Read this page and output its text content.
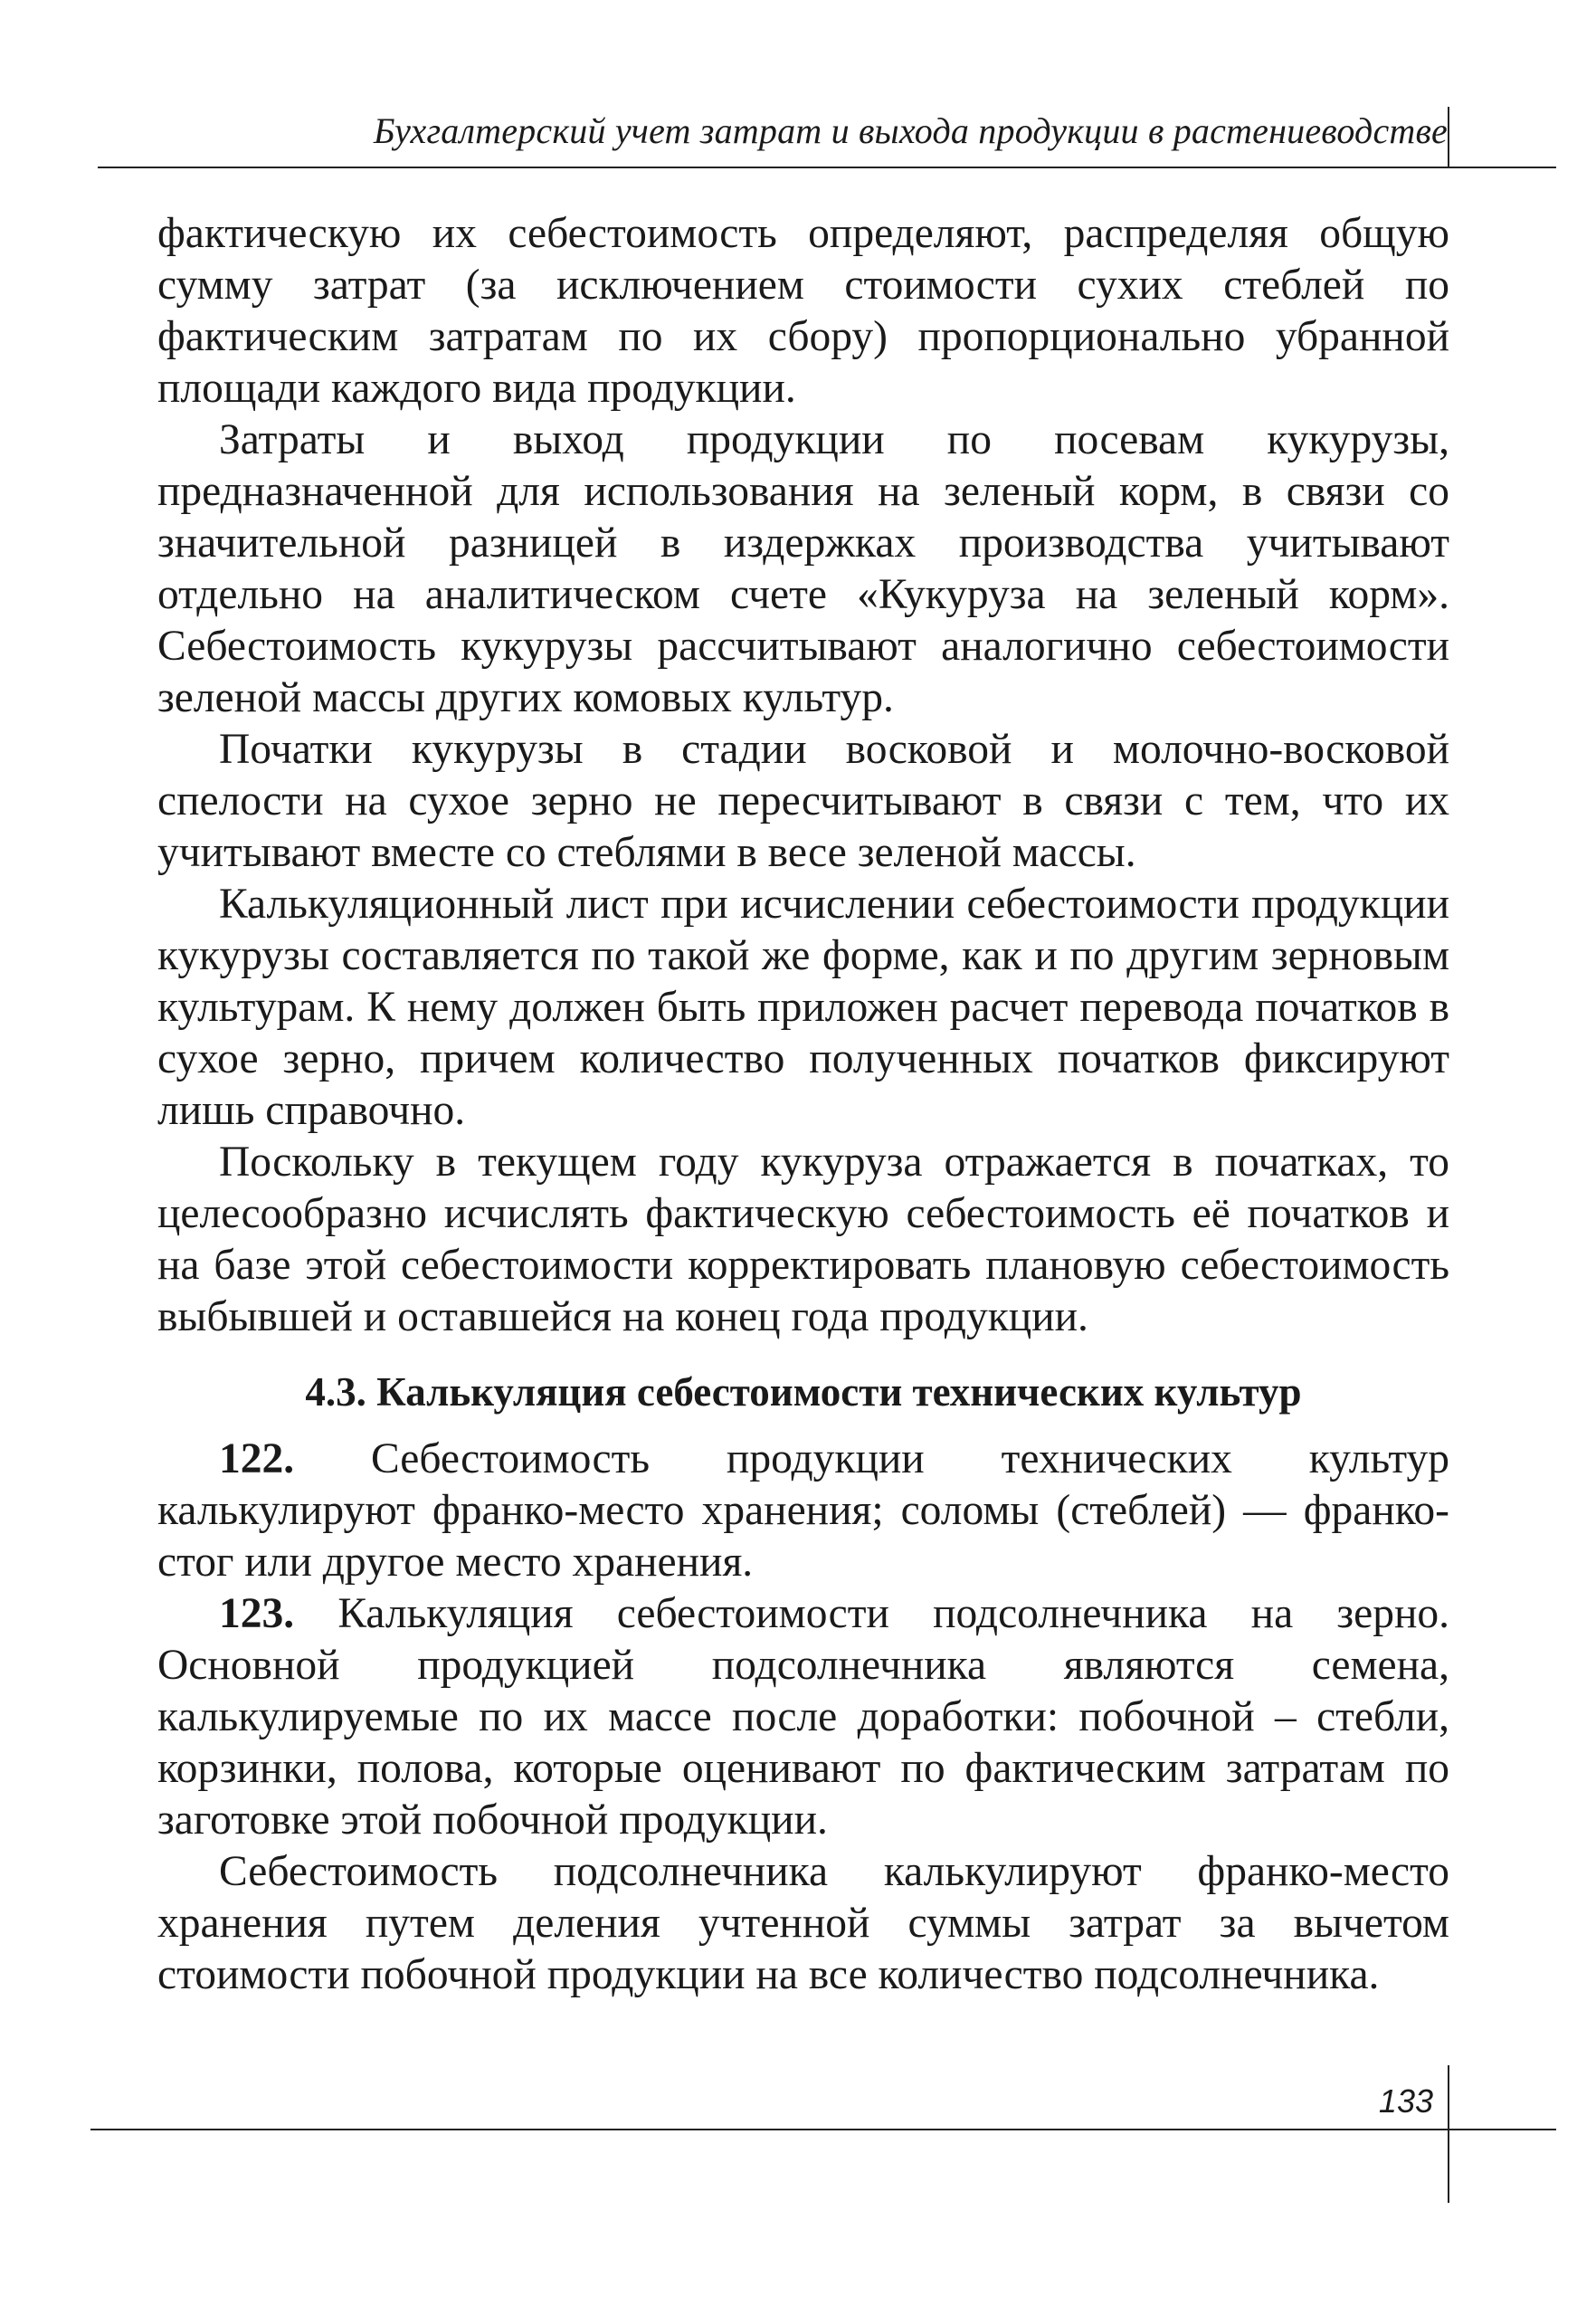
Бухгалтерский учет затрат и выхода продукции в растениеводстве

фактическую их себестоимость определяют, распределяя общую сумму затрат (за исключением стоимости сухих стеблей по фактическим затратам по их сбору) пропорционально убранной площади каждого вида продукции.

Затраты и выход продукции по посевам кукурузы, предназначенной для использования на зеленый корм, в связи со значительной разницей в издержках производства учитывают отдельно на аналитическом счете «Кукуруза на зеленый корм». Себестоимость кукурузы рассчитывают аналогично себестоимости зеленой массы других комовых культур.

Початки кукурузы в стадии восковой и молочно-восковой спелости на сухое зерно не пересчитывают в связи с тем, что их учитывают вместе со стеблями в весе зеленой массы.

Калькуляционный лист при исчислении себестоимости продукции кукурузы составляется по такой же форме, как и по другим зерновым культурам. К нему должен быть приложен расчет перевода початков в сухое зерно, причем количество полученных початков фиксируют лишь справочно.

Поскольку в текущем году кукуруза отражается в початках, то целесообразно исчислять фактическую себестоимость её початков и на базе этой себестоимости корректировать плановую себестоимость выбывшей и оставшейся на конец года продукции.

4.3. Калькуляция себестоимости технических культур

122. Себестоимость продукции технических культур калькулируют франко-место хранения; соломы (стеблей) — франко-стог или другое место хранения.

123. Калькуляция себестоимости подсолнечника на зерно. Основной продукцией подсолнечника являются семена, калькулируемые по их массе после доработки: побочной – стебли, корзинки, полова, которые оценивают по фактическим затратам по заготовке этой побочной продукции.

Себестоимость подсолнечника калькулируют франко-место хранения путем деления учтенной суммы затрат за вычетом стоимости побочной продукции на все количество подсолнечника.

133
